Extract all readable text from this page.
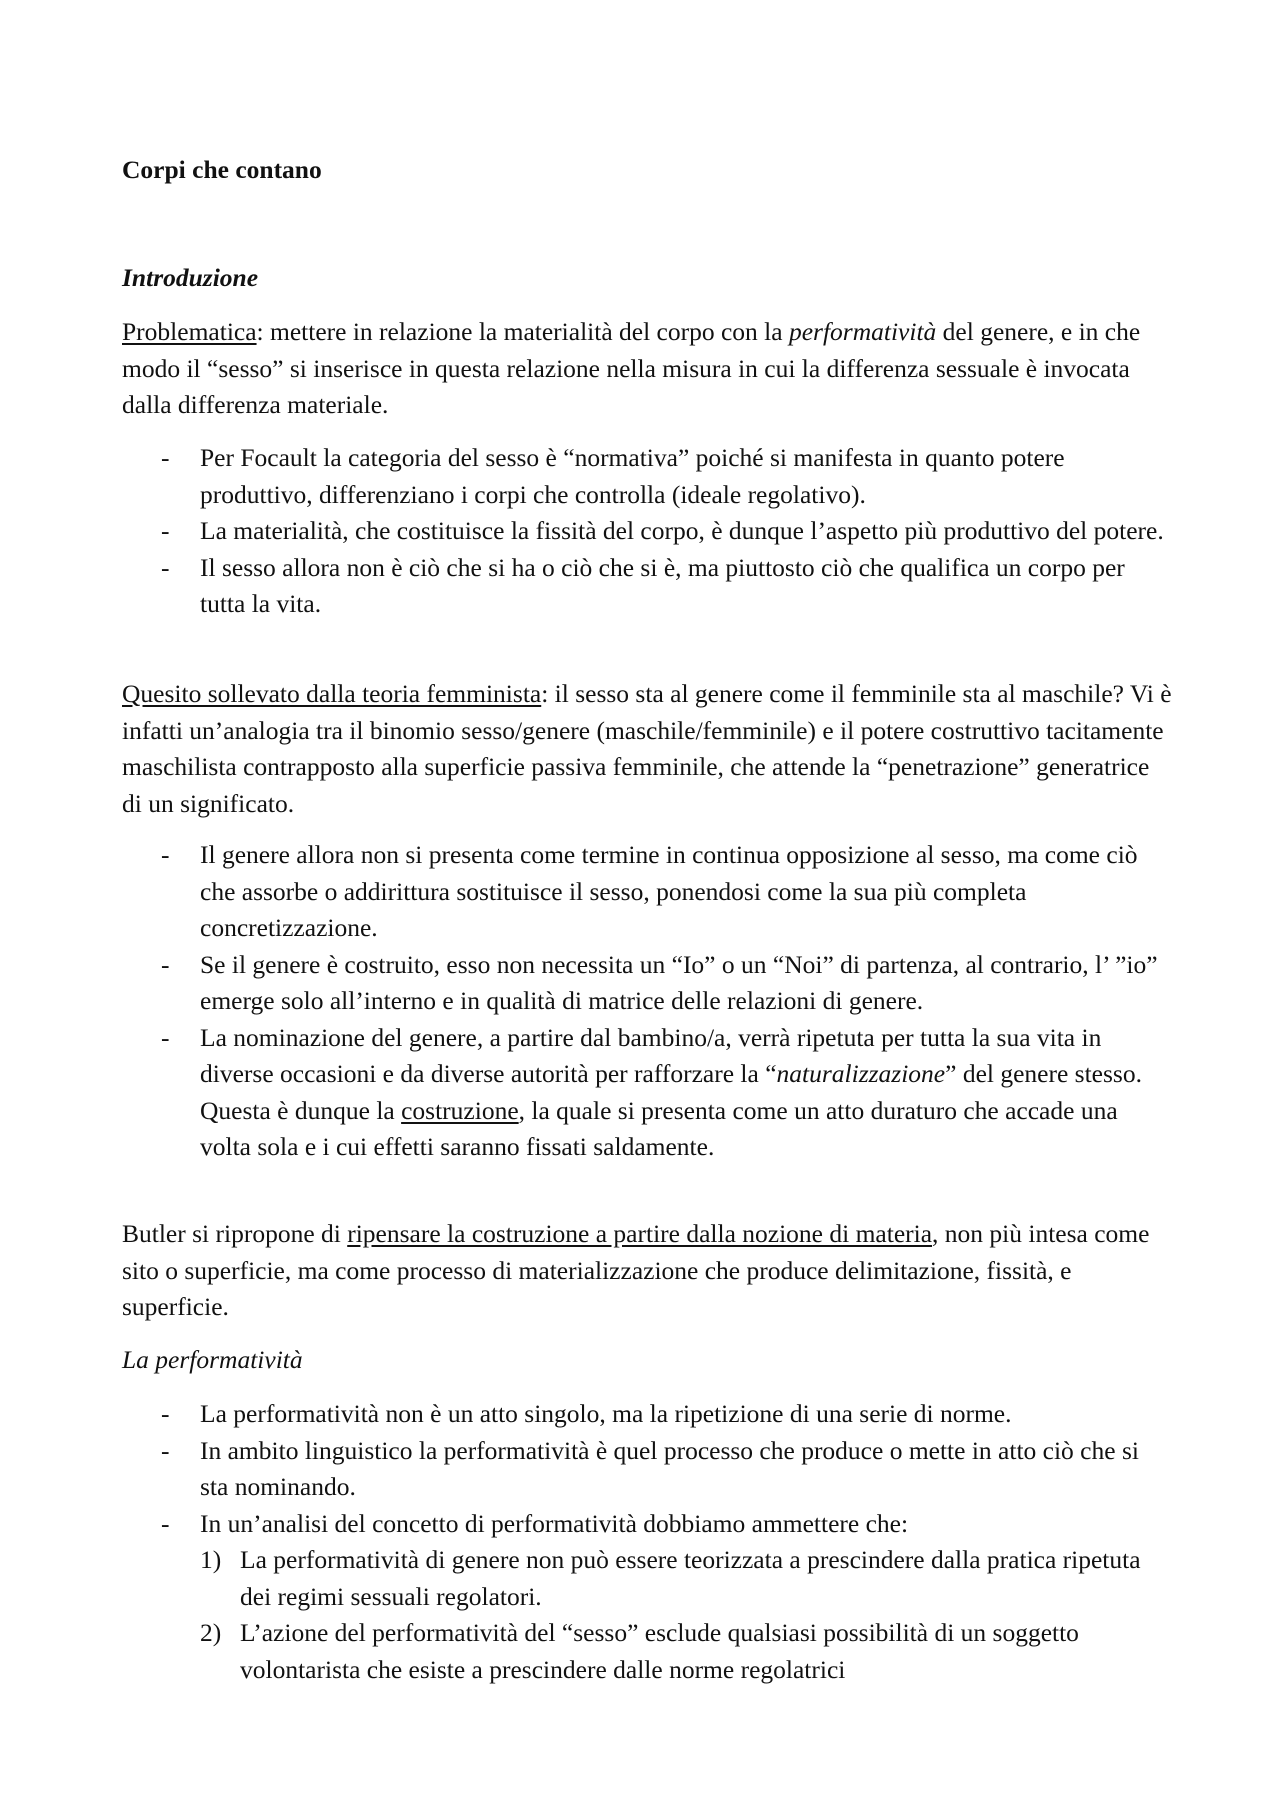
Corpi che contano
Introduzione

Problematica: mettere in relazione la materialità del corpo con la performatività del genere, e in che modo il “sesso” si inserisce in questa relazione nella misura in cui la differenza sessuale è invocata dalla differenza materiale.

- Per Focault la categoria del sesso è “normativa” poiché si manifesta in quanto potere produttivo, differenziano i corpi che controlla (ideale regolativo).
- La materialità, che costituisce la fissità del corpo, è dunque l’aspetto più produttivo del potere.
- Il sesso allora non è ciò che si ha o ciò che si è, ma piuttosto ciò che qualifica un corpo per tutta la vita.

Quesito sollevato dalla teoria femminista: il sesso sta al genere come il femminile sta al maschile? Vi è infatti un’analogia tra il binomio sesso/genere (maschile/femminile) e il potere costruttivo tacitamente maschilista contrapposto alla superficie passiva femminile, che attende la “penetrazione” generatrice di un significato.

- Il genere allora non si presenta come termine in continua opposizione al sesso, ma come ciò che assorbe o addirittura sostituisce il sesso, ponendosi come la sua più completa concretizzazione.
- Se il genere è costruito, esso non necessita un “Io” o un “Noi” di partenza, al contrario, l’ ”io” emerge solo all’interno e in qualità di matrice delle relazioni di genere.
- La nominazione del genere, a partire dal bambino/a, verrà ripetuta per tutta la sua vita in diverse occasioni e da diverse autorità per rafforzare la “naturalizzazione” del genere stesso. Questa è dunque la costruzione, la quale si presenta come un atto duraturo che accade una volta sola e i cui effetti saranno fissati saldamente.

Butler si ripropone di ripensare la costruzione a partire dalla nozione di materia, non più intesa come sito o superficie, ma come processo di materializzazione che produce delimitazione, fissità, e superficie.

La performatività

- La performatività non è un atto singolo, ma la ripetizione di una serie di norme.
- In ambito linguistico la performatività è quel processo che produce o mette in atto ciò che si sta nominando.
- In un’analisi del concetto di performatività dobbiamo ammettere che:
1) La performatività di genere non può essere teorizzata a prescindere dalla pratica ripetuta dei regimi sessuali regolatori.
2) L’azione del performatività del “sesso” esclude qualsiasi possibilità di un soggetto volontarista che esiste a prescindere dalle norme regolatrici
